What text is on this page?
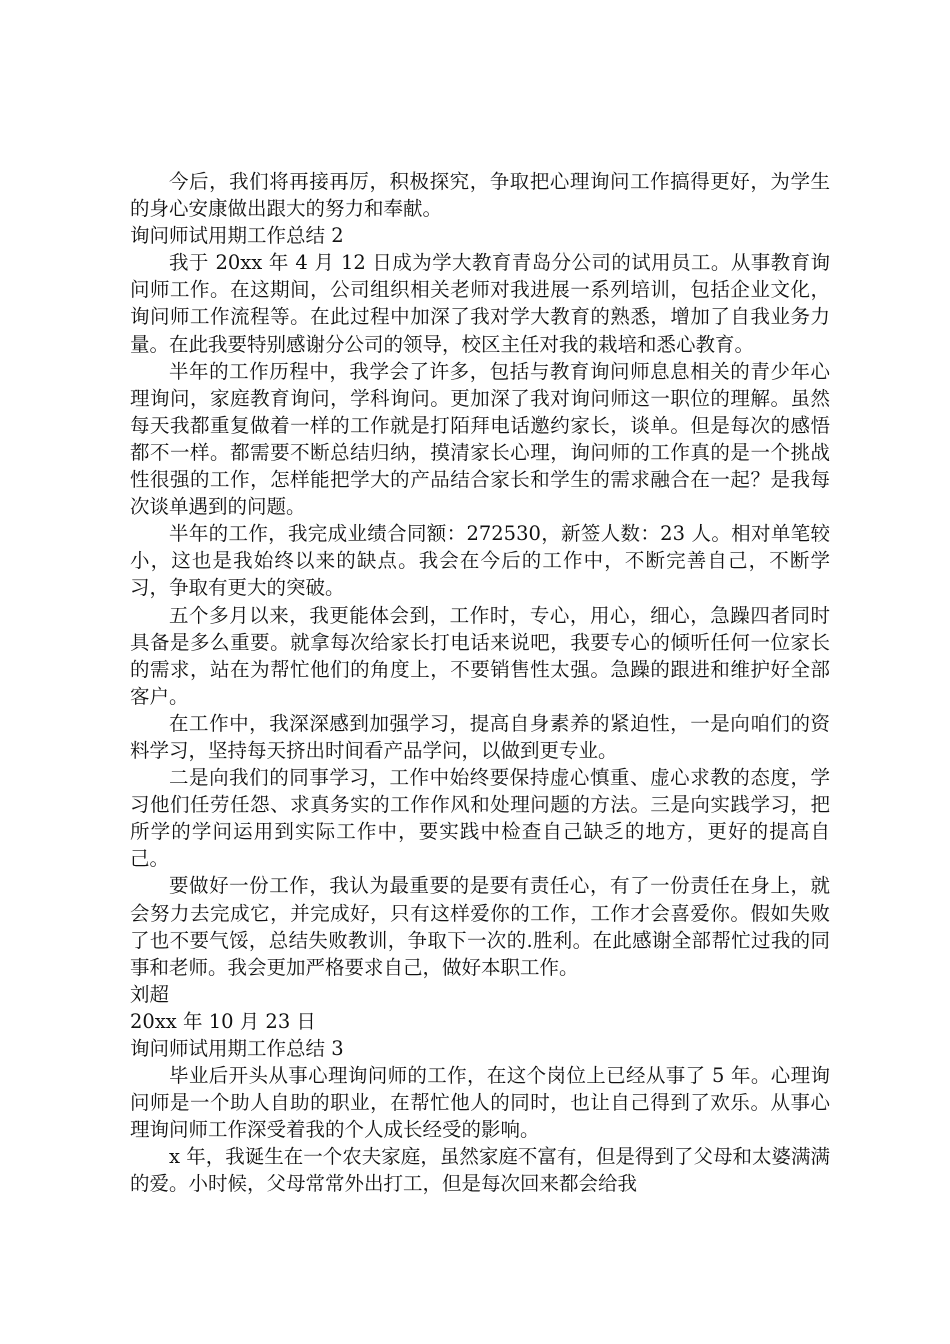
今后，我们将再接再厉，积极探究，争取把心理询问工作搞得更好，为学生的身心安康做出跟大的努力和奉献。

询问师试用期工作总结 2

我于 20xx 年 4 月 12 日成为学大教育青岛分公司的试用员工。从事教育询问师工作。在这期间，公司组织相关老师对我进展一系列培训，包括企业文化，询问师工作流程等。在此过程中加深了我对学大教育的熟悉，增加了自我业务力量。在此我要特别感谢分公司的领导，校区主任对我的栽培和悉心教育。

半年的工作历程中，我学会了许多，包括与教育询问师息息相关的青少年心理询问，家庭教育询问，学科询问。更加深了我对询问师这一职位的理解。虽然每天我都重复做着一样的工作就是打陌拜电话邀约家长，谈单。但是每次的感悟都不一样。都需要不断总结归纳，摸清家长心理，询问师的工作真的是一个挑战性很强的工作，怎样能把学大的产品结合家长和学生的需求融合在一起？是我每次谈单遇到的问题。

半年的工作，我完成业绩合同额：272530，新签人数：23 人。相对单笔较小，这也是我始终以来的缺点。我会在今后的工作中，不断完善自己，不断学习，争取有更大的突破。

五个多月以来，我更能体会到，工作时，专心，用心，细心，急躁四者同时具备是多么重要。就拿每次给家长打电话来说吧，我要专心的倾听任何一位家长的需求，站在为帮忙他们的角度上，不要销售性太强。急躁的跟进和维护好全部客户。

在工作中，我深深感到加强学习，提高自身素养的紧迫性，一是向咱们的资料学习，坚持每天挤出时间看产品学问，以做到更专业。

二是向我们的同事学习，工作中始终要保持虚心慎重、虚心求教的态度，学习他们任劳任怨、求真务实的工作作风和处理问题的方法。三是向实践学习，把所学的学问运用到实际工作中，要实践中检查自己缺乏的地方，更好的提高自己。

要做好一份工作，我认为最重要的是要有责任心，有了一份责任在身上，就会努力去完成它，并完成好，只有这样爱你的工作，工作才会喜爱你。假如失败了也不要气馁，总结失败教训，争取下一次的.胜利。在此感谢全部帮忙过我的同事和老师。我会更加严格要求自己，做好本职工作。

刘超

20xx 年 10 月 23 日

询问师试用期工作总结 3

毕业后开头从事心理询问师的工作，在这个岗位上已经从事了 5 年。心理询问师是一个助人自助的职业，在帮忙他人的同时，也让自己得到了欢乐。从事心理询问师工作深受着我的个人成长经受的影响。

x 年，我诞生在一个农夫家庭，虽然家庭不富有，但是得到了父母和太婆满满的爱。小时候，父母常常外出打工，但是每次回来都会给我
